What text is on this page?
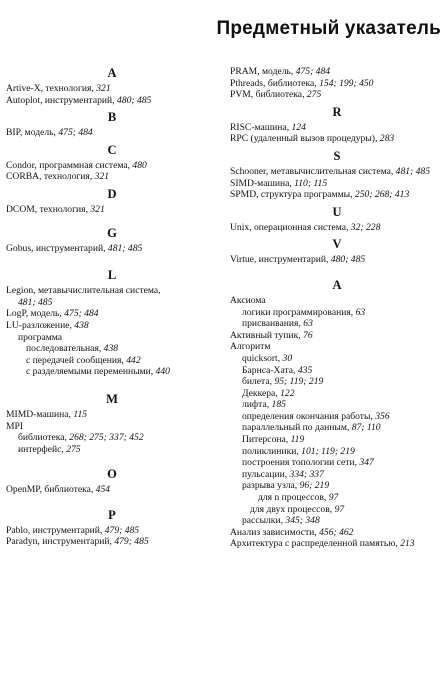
Предметный указатель
A
Artive-X, технология, 321
Autoplot, инструментарий, 480; 485
B
BIP, модель, 475; 484
C
Condor, программная система, 480
CORBA, технология, 321
D
DCOM, технология, 321
G
Gobus, инструментарий, 481; 485
L
Legion, метавычислительная система,
481; 485
LogP, модель, 475; 484
LU-разложение, 438
программа
последовательная, 438
с передачей сообщения, 442
с разделяемыми переменными, 440
M
MIMD-машина, 115
MPI
библиотека, 268; 275; 337; 452
интерфейс, 275
O
OpenMP, библиотека, 454
P
Pablo, инструментарий, 479; 485
Paradyn, инструментарий, 479; 485
PRAM, модель, 475; 484
Pthreads, библиотека, 154; 199; 450
PVM, библиотека, 275
R
RISC-машина, 124
RPC (удаленный вызов процедуры), 283
S
Schooner, метавычислительная система, 481; 485
SIMD-машина, 110; 115
SPMD, структура программы, 250; 268; 413
U
Unix, операционная система, 32; 228
V
Virtue, инструментарий, 480; 485
А
Аксиома
логики программирования, 63
присваивания, 63
Активный тупик, 76
Алгоритм
quicksort, 30
Барнса-Хата, 435
билета, 95; 119; 219
Деккера, 122
лифта, 185
определения окончания работы, 356
параллельный по данным, 87; 110
Питерсона, 119
поликлиники, 101; 119; 219
построения топологии сети, 347
пульсации, 334; 337
разрыва узла, 96; 219
для n процессов, 97
для двух процессов, 97
рассылки, 345; 348
Анализ зависимости, 456; 462
Архитектура с распределенной памятью, 213
